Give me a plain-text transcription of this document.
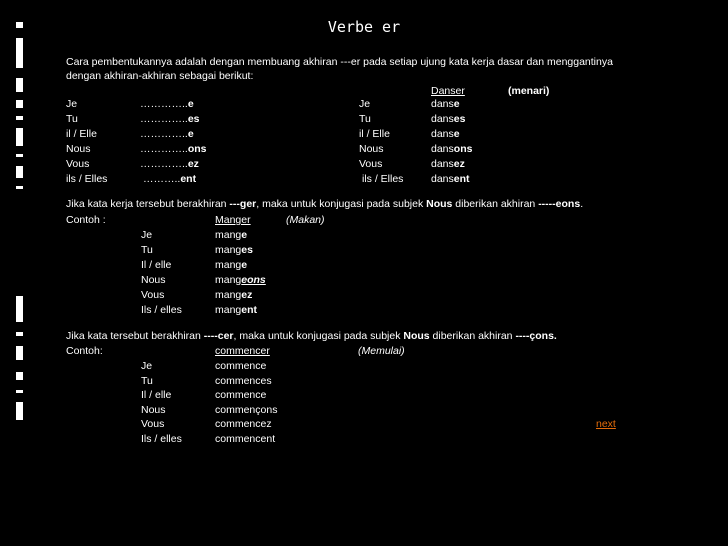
Verbe er
Cara pembentukannya adalah dengan membuang akhiran ---er pada setiap ujung kata kerja dasar dan menggantinya
dengan akhiran-akhiran sebagai berikut:
Danser	(menari)
Je	…………..e
Tu	…………..es
il / Elle	…………..e
Nous	…………..ons
Vous	…………..ez
ils / Elles	………..ent
Je	danse
Tu	danses
il / Elle	danse
Nous	dansons
Vous	dansez
ils / Elles	dansent
Jika kata kerja tersebut berakhiran ---ger, maka untuk konjugasi pada subjek Nous diberikan akhiran -----eons.
Contoh :	Manger	(Makan)
Je	mange
Tu	manges
Il / elle	mange
Nous	mangeons
Vous	mangez
Ils / elles	mangent
Jika kata tersebut berakhiran ----cer, maka untuk konjugasi pada subjek Nous diberikan akhiran ----çons.
Contoh:	commencer	(Memulai)
Je	commence
Tu	commences
Il / elle	commence
Nous	commençons
Vous	commencez
Ils / elles	commencent
next
